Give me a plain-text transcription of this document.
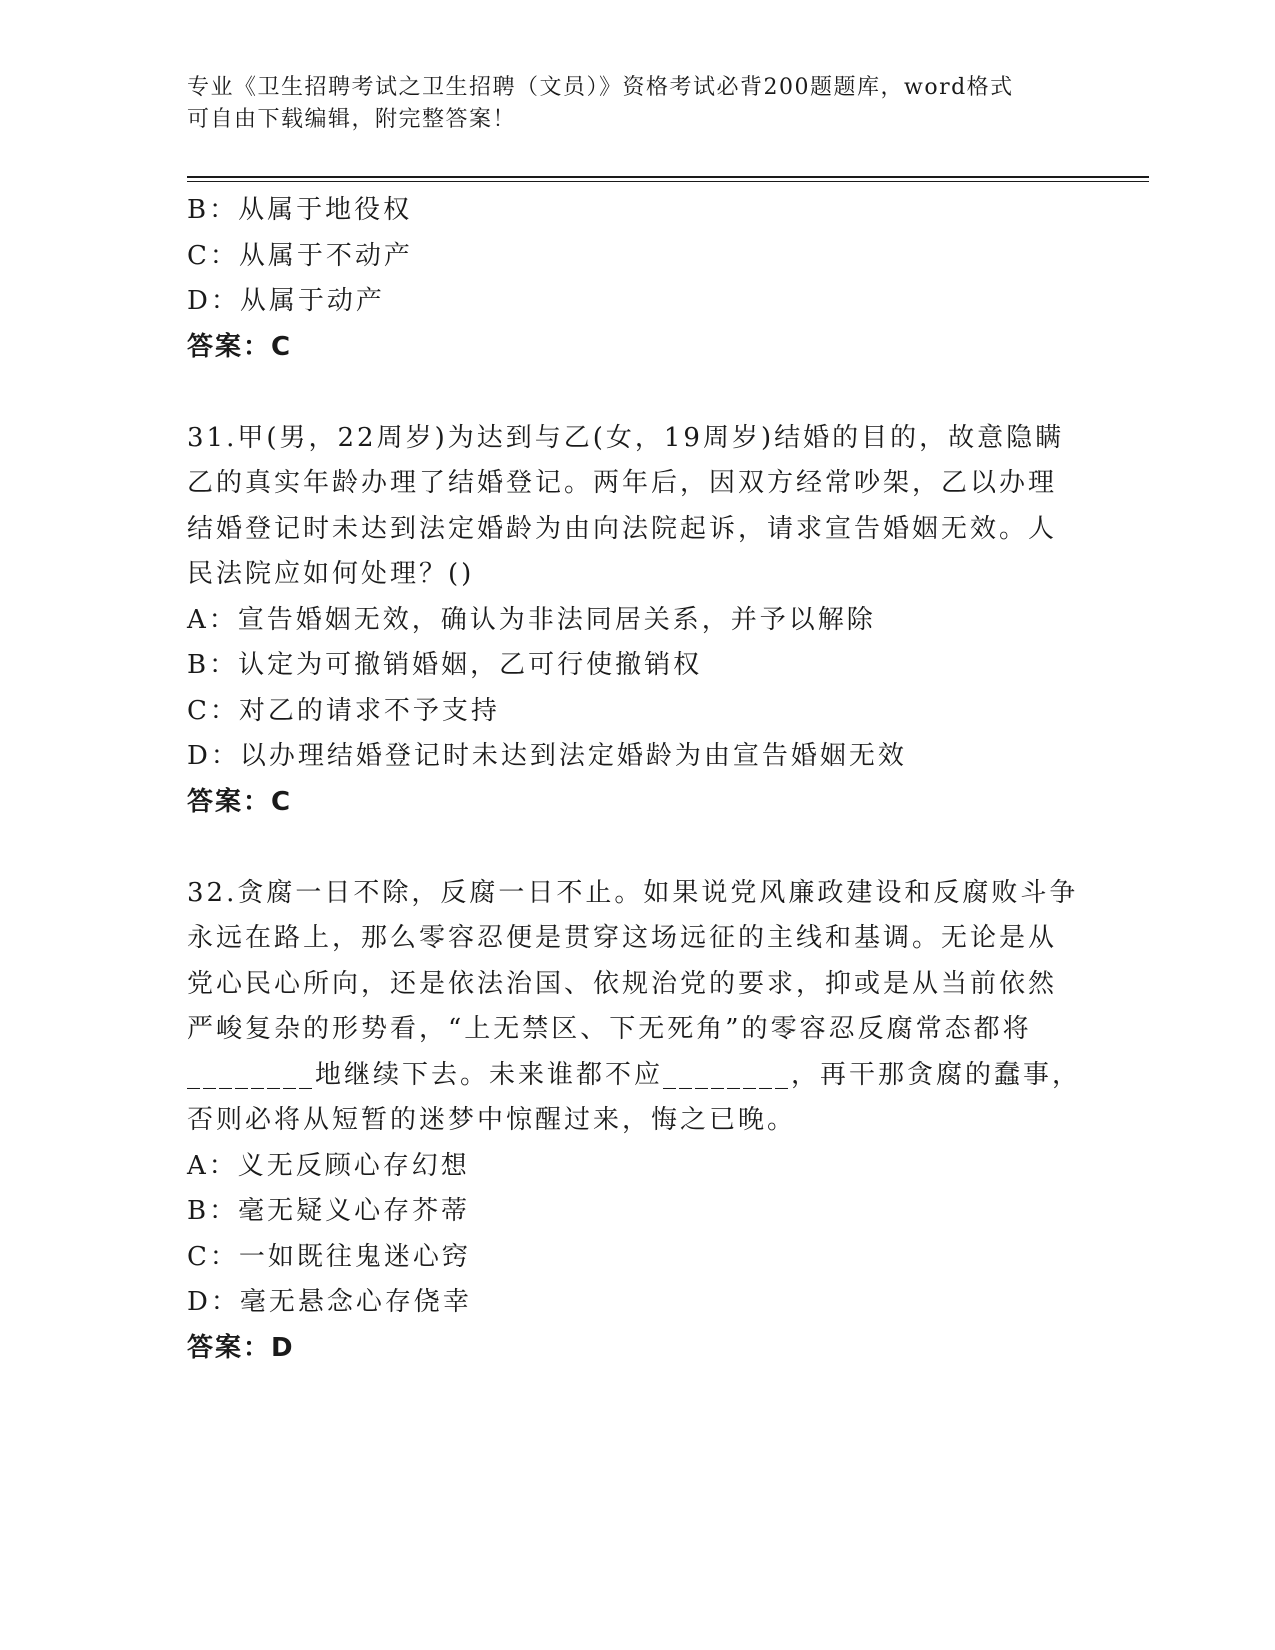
专业《卫生招聘考试之卫生招聘（文员）》资格考试必背200题题库，word格式
可自由下载编辑，附完整答案！
B：从属于地役权
C：从属于不动产
D：从属于动产
答案：C
31.甲(男，22周岁)为达到与乙(女，19周岁)结婚的目的，故意隐瞒
乙的真实年龄办理了结婚登记。两年后，因双方经常吵架，乙以办理
结婚登记时未达到法定婚龄为由向法院起诉，请求宣告婚姻无效。人
民法院应如何处理？()
A：宣告婚姻无效，确认为非法同居关系，并予以解除
B：认定为可撤销婚姻，乙可行使撤销权
C：对乙的请求不予支持
D：以办理结婚登记时未达到法定婚龄为由宣告婚姻无效
答案：C
32.贪腐一日不除，反腐一日不止。如果说党风廉政建设和反腐败斗争
永远在路上，那么零容忍便是贯穿这场远征的主线和基调。无论是从
党心民心所向，还是依法治国、依规治党的要求，抑或是从当前依然
严峻复杂的形势看，“上无禁区、下无死角”的零容忍反腐常态都将
________地继续下去。未来谁都不应________，再干那贪腐的蠢事，
否则必将从短暂的迷梦中惊醒过来，悔之已晚。
A：义无反顾心存幻想
B：毫无疑义心存芥蒂
C：一如既往鬼迷心窍
D：毫无悬念心存侥幸
答案：D
